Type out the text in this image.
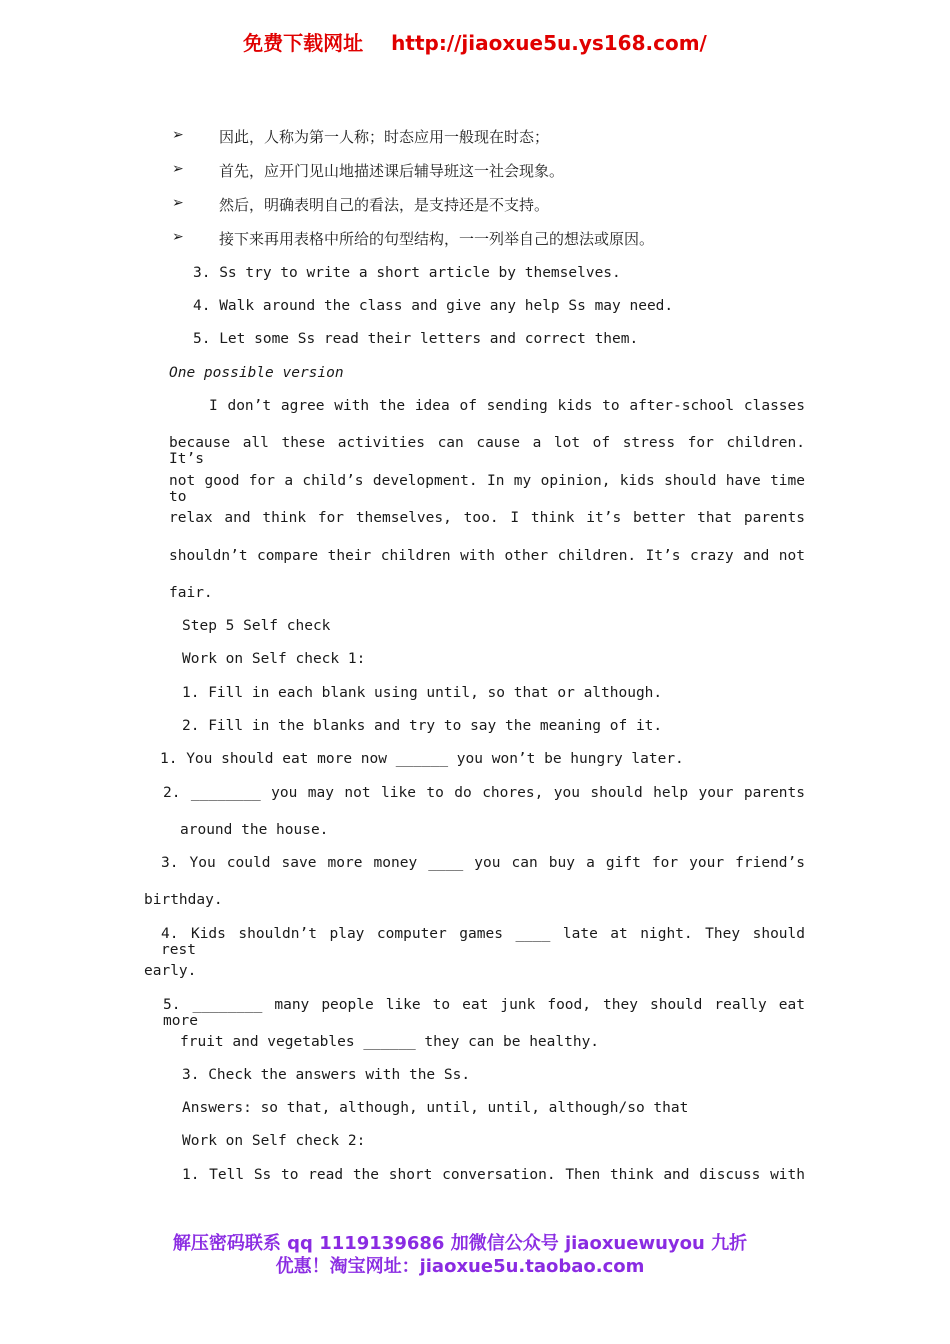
免费下载网址 http://jiaoxue5u.ys168.com/
➢ 因此，人称为第一人称；时态应用一般现在时态；
➢ 首先，应开门见山地描述课后辅导班这一社会现象。
➢ 然后，明确表明自己的看法，是支持还是不支持。
➢ 接下来再用表格中所给的句型结构，一一列举自己的想法或原因。
3. Ss try to write a short article by themselves.
4. Walk around the class and give any help Ss may need.
5. Let some Ss read their letters and correct them.
One possible version
I don’t agree with the idea of sending kids to after-school classes
because all these activities can cause a lot of stress for children. It’s
not good for a child’s development. In my opinion, kids should have time to
relax and think for themselves, too. I think it’s better that parents
shouldn’t compare their children with other children. It’s crazy and not
fair.
Step 5 Self check
Work on Self check 1:
1. Fill in each blank using until, so that or although.
2. Fill in the blanks and try to say the meaning of it.
1. You should eat more now ______ you won’t be hungry later.
2. ________ you may not like to do chores, you should help your parents
around the house.
3. You could save more money ____ you can buy a gift for your friend’s
birthday.
4. Kids shouldn’t play computer games ____ late at night. They should rest
early.
5. ________ many people like to eat junk food, they should really eat more
fruit and vegetables ______ they can be healthy.
3. Check the answers with the Ss.
Answers: so that, although, until, until, although/so that
Work on Self check 2:
1. Tell Ss to read the short conversation. Then think and discuss with
解压密码联系 qq 1119139686 加微信公众号 jiaoxuewuyou 九折
优惠！淘宝网址：jiaoxue5u.taobao.com
